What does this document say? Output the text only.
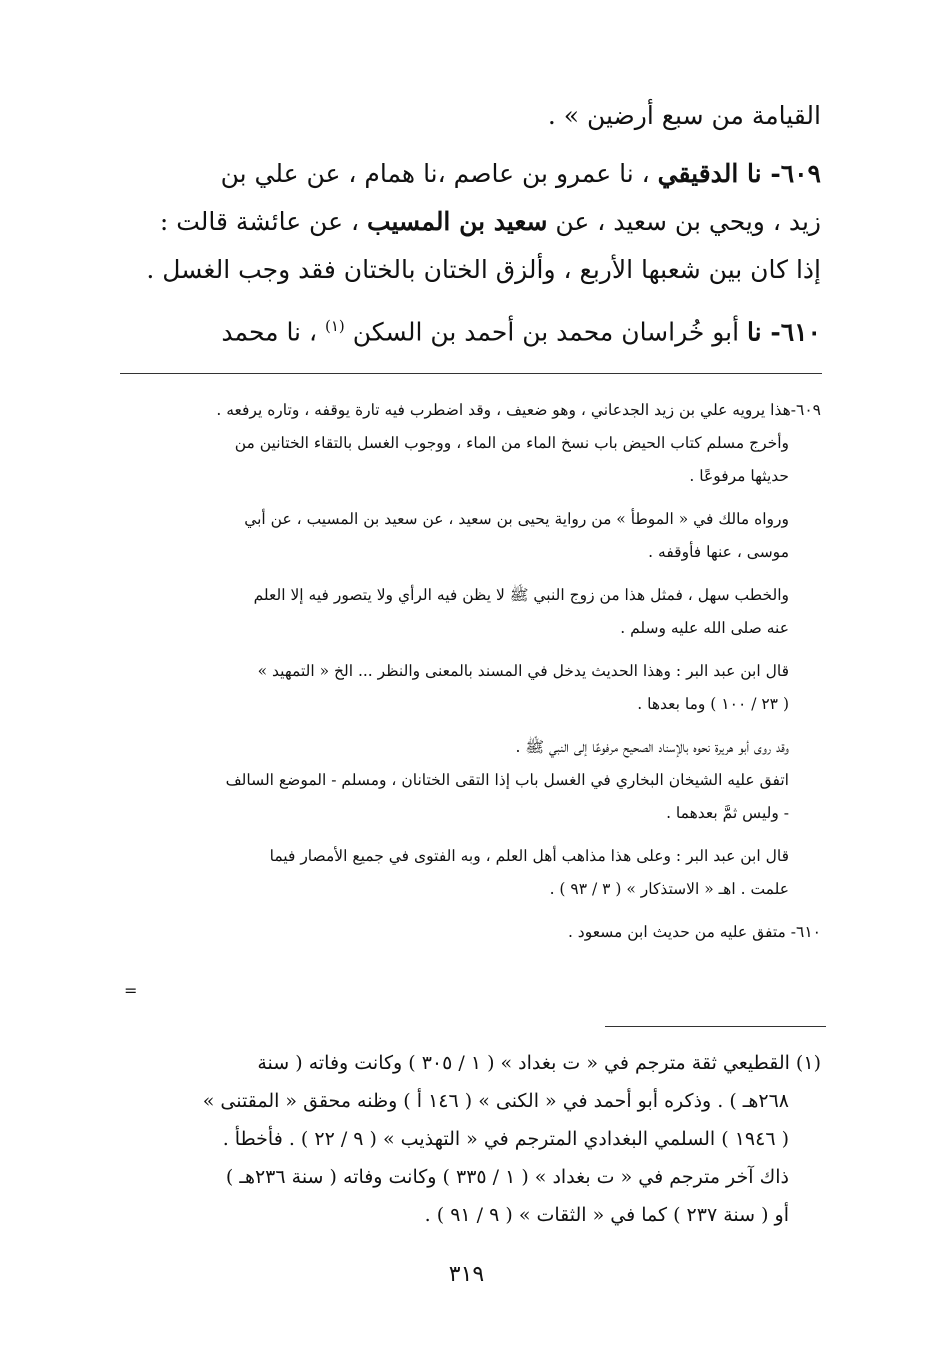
القيامة من سبع أرضين » .

٦٠٩- نا الدقيقي ، نا عمرو بن عاصم ،نا همام ، عن علي بن

زيد ، ويحي بن سعيد ، عن سعيد بن المسيب ، عن عائشة قالت :

إذا كان بين شعبها الأربع ، وألزق الختان بالختان فقد وجب الغسل .

٦١٠- نا أبو خُراسان محمد بن أحمد بن السكن $^{(١)}$ ، نا محمد

٦٠٩-هذا يرويه علي بن زيد الجدعاني ، وهو ضعيف ، وقد اضطرب فيه تارة يوقفه ، وتاره يرفعه .

وأخرج مسلم كتاب الحيض باب نسخ الماء من الماء ، ووجوب الغسل بالتقاء الختانين من

حديثها مرفوعًا .

ورواه مالك في « الموطأ » من رواية يحيى بن سعيد ، عن سعيد بن المسيب ، عن أبي

موسى ، عنها فأوقفه .

والخطب سهل ، فمثل هذا من زوج النبي ﷺ لا يظن فيه الرأي ولا يتصور فيه إلا العلم

عنه صلى الله عليه وسلم .

قال ابن عبد البر : وهذا الحديث يدخل في المسند بالمعنى والنظر ... الخ « التمهيد »

( ٢٣ / ١٠٠ ) وما بعدها .

وقد روى أبو هريرة نحوه بالإسناد الصحيح مرفوعًا إلى النبي ﷺ .

اتفق عليه الشيخان البخاري في الغسل باب إذا التقى الختانان ، ومسلم - الموضع السالف

- وليس ثمَّ بعدهما .

قال ابن عبد البر : وعلى هذا مذاهب أهل العلم ، وبه الفتوى في جميع الأمصار فيما

علمت . اهـ « الاستذكار » ( ٣ / ٩٣ ) .

٦١٠- متفق عليه من حديث ابن مسعود .

=

(١) القطيعي ثقة مترجم في « ت بغداد » ( ١ / ٣٠٥ ) وكانت وفاته ( سنة

٢٦٨هـ ) . وذكره أبو أحمد في « الكنى » ( ١٤٦ أ ) وظنه محقق « المقتنى »

( ١٩٤٦ ) السلمي البغدادي المترجم في « التهذيب » ( ٩ / ٢٢ ) . فأخطأ .

ذاك آخر مترجم في « ت بغداد » ( ١ / ٣٣٥ ) وكانت وفاته ( سنة ٢٣٦هـ )

أو ( سنة ٢٣٧ ) كما في « الثقات » ( ٩ / ٩١ ) .

٣١٩
